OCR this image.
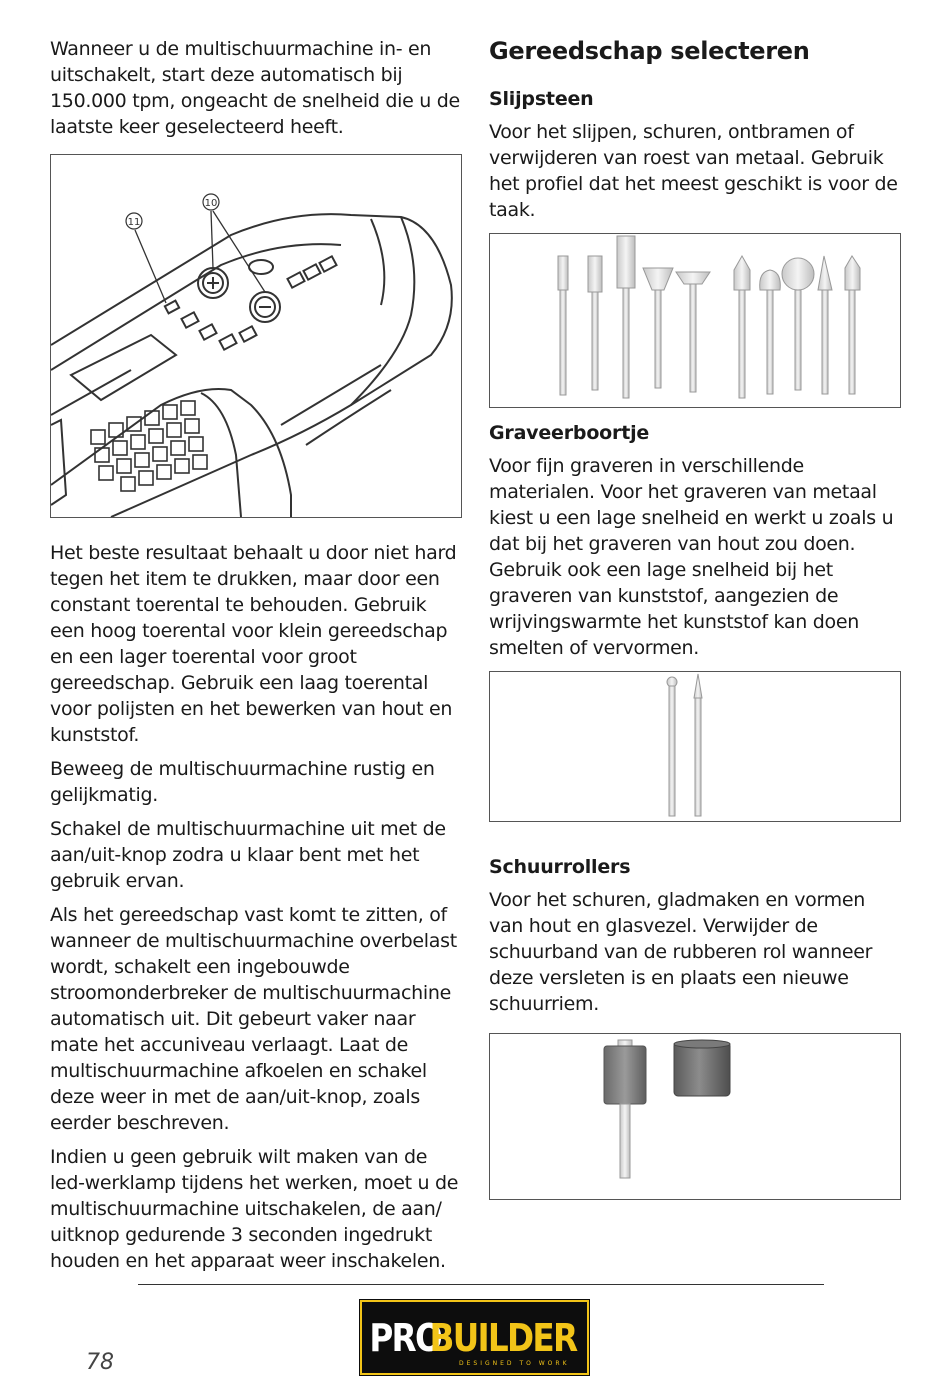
Wanneer u de multischuurmachine in- en uitschakelt, start deze automatisch bij 150.000 tpm, ongeacht de snelheid die u de laatste keer geselecteerd heeft.

10
11

Het beste resultaat behaalt u door niet hard tegen het item te drukken, maar door een constant toerental te behouden. Gebruik een hoog toerental voor klein gereedschap en een lager toerental voor groot gereedschap. Gebruik een laag toerental voor polijsten en het bewerken van hout en kunststof.

Beweeg de multischuurmachine rustig en gelijkmatig.

Schakel de multischuurmachine uit met de aan/uit-knop zodra u klaar bent met het gebruik ervan.

Als het gereedschap vast komt te zitten, of wanneer de multischuurmachine overbelast wordt, schakelt een ingebouwde stroomonderbreker de multischuurmachine automatisch uit. Dit gebeurt vaker naar mate het accuniveau verlaagt. Laat de multischuurmachine afkoelen en schakel deze weer in met de aan/uit-knop, zoals eerder beschreven.

Indien u geen gebruik wilt maken van de led-werklamp tijdens het werken, moet u de multischuurmachine uitschakelen, de aan/ uitknop gedurende 3 seconden ingedrukt houden en het apparaat weer inschakelen.

Gereedschap selecteren
Slijpsteen

Voor het slijpen, schuren, ontbramen of verwijderen van roest van metaal. Gebruik het profiel dat het meest geschikt is voor de taak.

Graveerboortje

Voor fijn graveren in verschillende materialen. Voor het graveren van metaal kiest u een lage snelheid en werkt u zoals u dat bij het graveren van hout zou doen. Gebruik ook een lage snelheid bij het graveren van kunststof, aangezien de wrijvingswarmte het kunststof kan doen smelten of vervormen.

Schuurrollers

Voor het schuren, gladmaken en vormen van hout en glasvezel. Verwijder de schuurband van de rubberen rol wanneer deze versleten is en plaats een nieuwe schuurriem.

78
PRO
BUILDER
DESIGNED TO WORK
